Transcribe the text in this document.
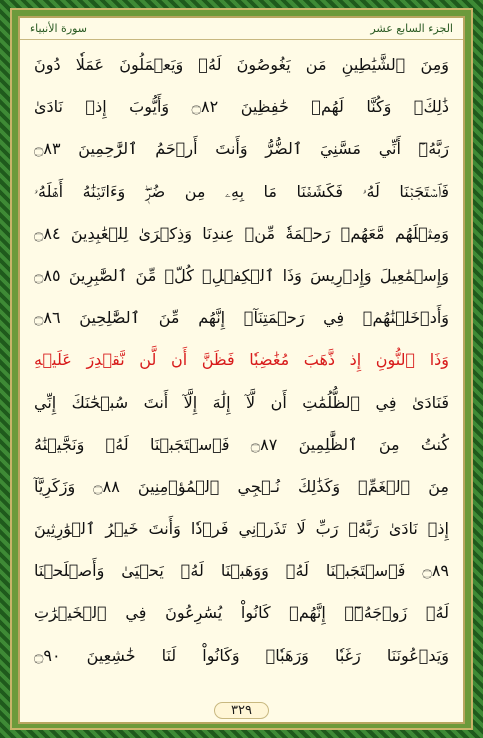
سورة الأنبياء	الجزء السابع عشر
وَمِنَ ٱلشَّيَٰطِينِ مَن يَغُوصُونَ لَهُۥ وَيَعۡمَلُونَ عَمَلٗا دُونَ
ذَٰلِكَۖ وَكُنَّا لَهُمۡ حَٰفِظِينَ ۝٨٢ وَأَيُّوبَ إِذۡ نَادَىٰ
رَبَّهُۥٓ أَنِّي مَسَّنِيَ ٱلضُّرُّ وَأَنتَ أَرۡحَمُ ٱلرَّٰحِمِينَ ۝٨٣
فَٱسۡتَجَبۡنَا لَهُۥ فَكَشَفۡنَا مَا بِهِۦ مِن ضُرّٖۖ وَءَاتَيۡنَٰهُ أَهۡلَهُۥ
وَمِثۡلَهُم مَّعَهُمۡ رَحۡمَةٗ مِّنۡ عِندِنَا وَذِكۡرَىٰ لِلۡعَٰبِدِينَ ۝٨٤
وَإِسۡمَٰعِيلَ وَإِدۡرِيسَ وَذَا ٱلۡكِفۡلِۖ كُلّٞ مِّنَ ٱلصَّٰبِرِينَ ۝٨٥
وَأَدۡخَلۡنَٰهُمۡ فِي رَحۡمَتِنَآۖ إِنَّهُم مِّنَ ٱلصَّٰلِحِينَ ۝٨٦
وَذَا ٱلنُّونِ إِذ ذَّهَبَ مُغَٰضِبٗا فَظَنَّ أَن لَّن نَّقۡدِرَ عَلَيۡهِ
فَنَادَىٰ فِي ٱلظُّلُمَٰتِ أَن لَّآ إِلَٰهَ إِلَّآ أَنتَ سُبۡحَٰنَكَ إِنِّي
كُنتُ مِنَ ٱلظَّٰلِمِينَ ۝٨٧ فَٱسۡتَجَبۡنَا لَهُۥ وَنَجَّيۡنَٰهُ
مِنَ ٱلۡغَمِّۚ وَكَذَٰلِكَ نُـۨجِي ٱلۡمُؤۡمِنِينَ ۝٨٨ وَزَكَرِيَّآ
إِذۡ نَادَىٰ رَبَّهُۥ رَبِّ لَا تَذَرۡنِي فَرۡدٗا وَأَنتَ خَيۡرُ ٱلۡوَٰرِثِينَ
۝٨٩ فَٱسۡتَجَبۡنَا لَهُۥ وَوَهَبۡنَا لَهُۥ يَحۡيَىٰ وَأَصۡلَحۡنَا
لَهُۥ زَوۡجَهُۥٓۚ إِنَّهُمۡ كَانُواْ يُسَٰرِعُونَ فِي ٱلۡخَيۡرَٰتِ
وَيَدۡعُونَنَا رَغَبٗا وَرَهَبٗاۖ وَكَانُواْ لَنَا خَٰشِعِينَ ۝٩٠
٣٢٩
